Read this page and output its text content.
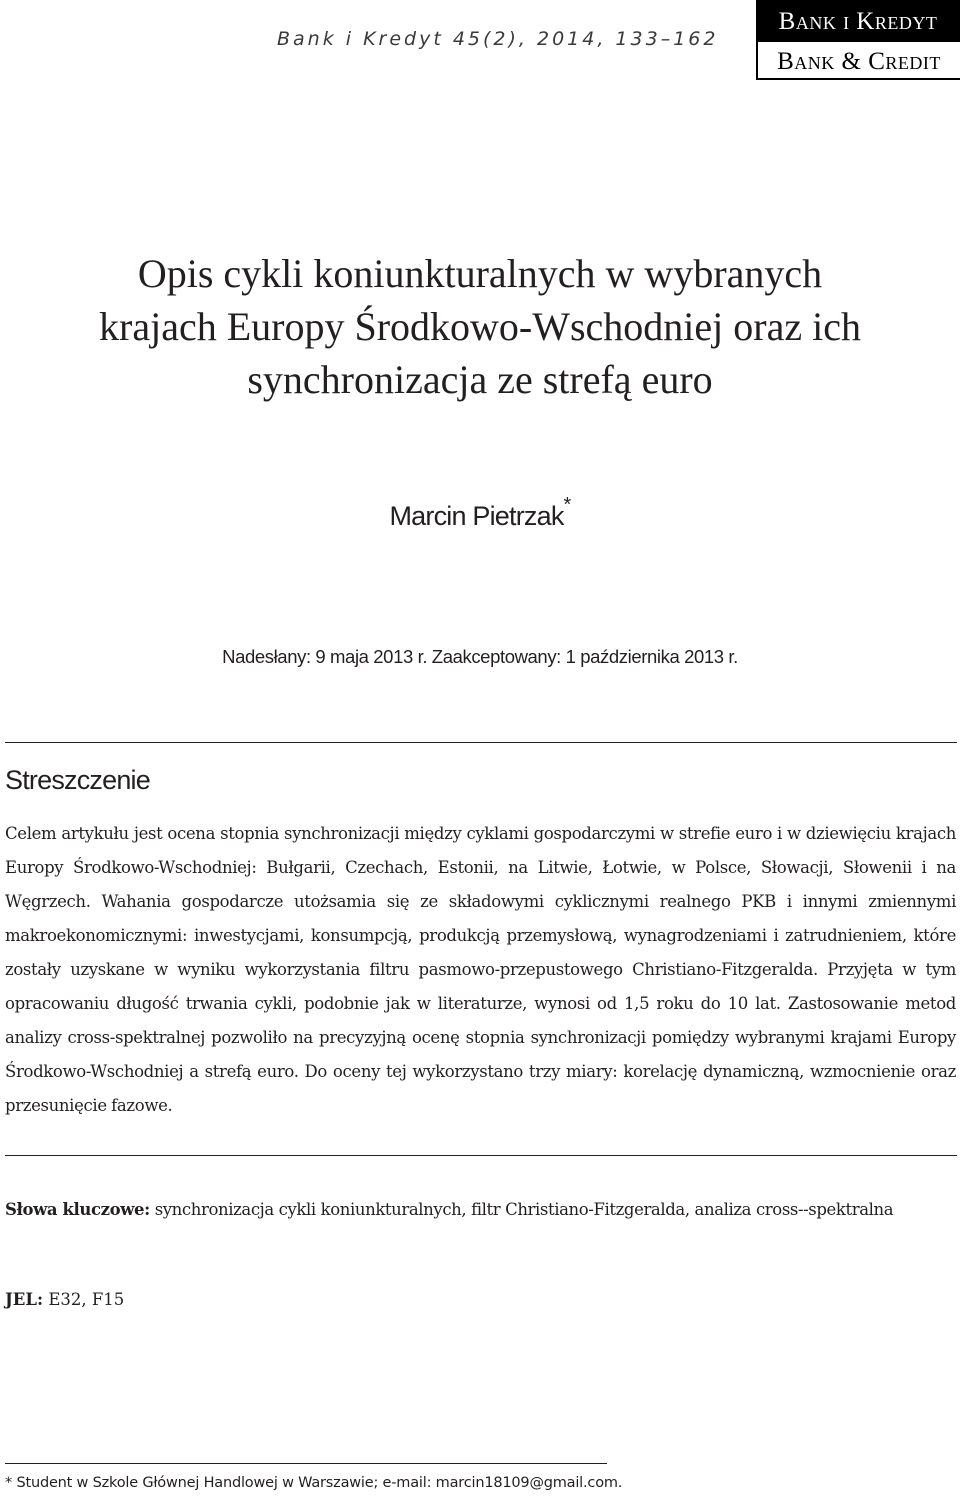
Bank i Kredyt 45(2), 2014, 133–162
Bank i Kredyt
Bank & Credit
Opis cykli koniunkturalnych w wybranych
krajach Europy Środkowo-Wschodniej oraz ich
synchronizacja ze strefą euro
Marcin Pietrzak*
Nadesłany: 9 maja 2013 r. Zaakceptowany: 1 października 2013 r.
Streszczenie
Celem artykułu jest ocena stopnia synchronizacji między cyklami gospodarczymi w strefie euro i w dziewięciu krajach Europy Środkowo-Wschodniej: Bułgarii, Czechach, Estonii, na Litwie, Łotwie, w Polsce, Słowacji, Słowenii i na Węgrzech. Wahania gospodarcze utożsamia się ze składowymi cyklicznymi realnego PKB i innymi zmiennymi makroekonomicznymi: inwestycjami, konsumpcją, produkcją przemysłową, wynagrodzeniami i zatrudnieniem, które zostały uzyskane w wyniku wykorzystania filtru pasmowo-przepustowego Christiano-Fitzgeralda. Przyjęta w tym opracowaniu długość trwania cykli, podobnie jak w literaturze, wynosi od 1,5 roku do 10 lat. Zastosowanie metod analizy cross-spektralnej pozwoliło na precyzyjną ocenę stopnia synchronizacji pomiędzy wybranymi krajami Europy Środkowo-Wschodniej a strefą euro. Do oceny tej wykorzystano trzy miary: korelację dynamiczną, wzmocnienie oraz przesunięcie fazowe.
Słowa kluczowe: synchronizacja cykli koniunkturalnych, filtr Christiano-Fitzgeralda, analiza cross--spektralna
JEL: E32, F15
* Student w Szkole Głównej Handlowej w Warszawie; e-mail: marcin18109@gmail.com.
